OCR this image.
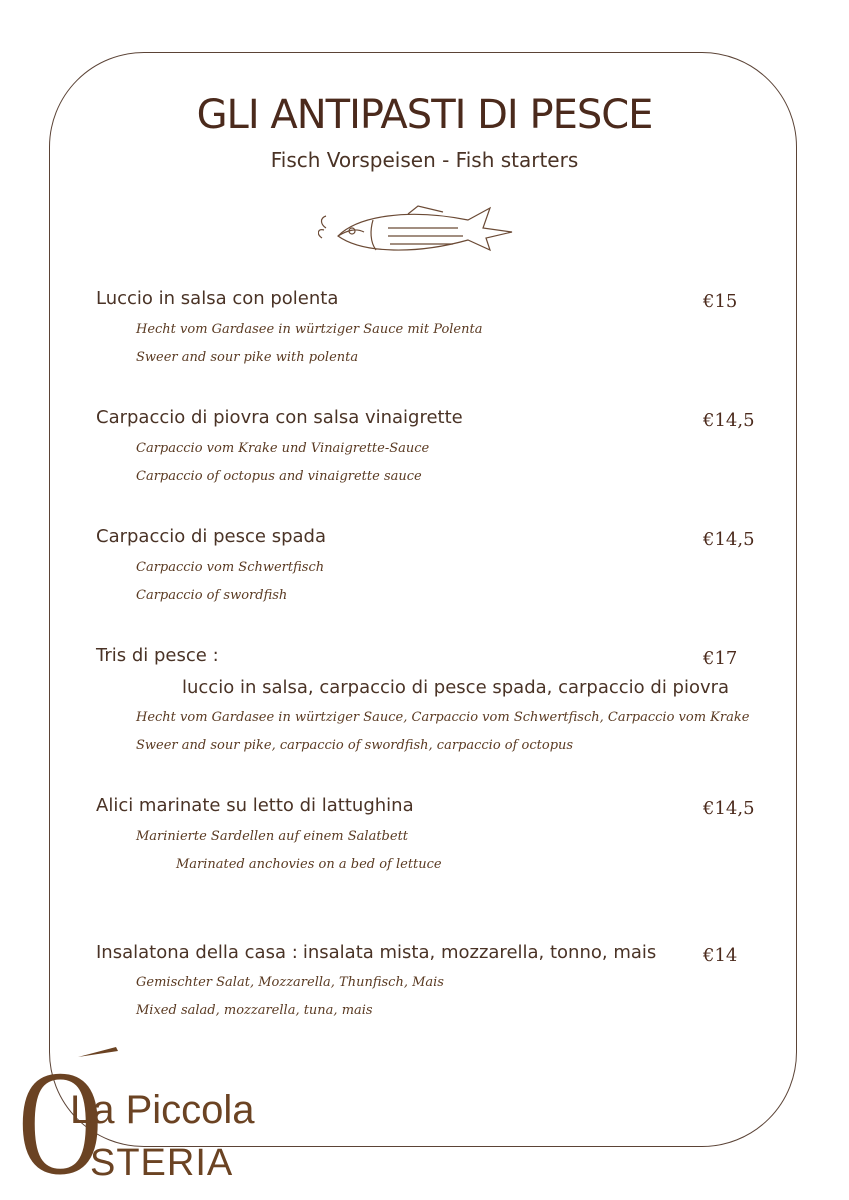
GLI ANTIPASTI DI PESCE
Fisch Vorspeisen - Fish starters
Luccio in salsa con polenta	€15
Hecht vom Gardasee in würtziger Sauce mit Polenta
Sweer and sour pike with polenta
Carpaccio di piovra con salsa vinaigrette	€14,5
Carpaccio vom Krake und Vinaigrette-Sauce
Carpaccio of octopus and vinaigrette sauce
Carpaccio di pesce spada	€14,5
Carpaccio vom Schwertfisch
Carpaccio of swordfish
Tris di pesce :	€17
luccio in salsa, carpaccio di pesce spada, carpaccio di piovra
Hecht vom Gardasee in würtziger Sauce, Carpaccio vom Schwertfisch, Carpaccio vom Krake
Sweer and sour pike, carpaccio of swordfish, carpaccio of octopus
Alici marinate su letto di lattughina	€14,5
Marinierte Sardellen auf einem Salatbett
Marinated anchovies on a bed of lettuce
Insalatona della casa : insalata mista, mozzarella, tonno, mais	€14
Gemischter Salat, Mozzarella, Thunfisch, Mais
Mixed salad, mozzarella, tuna, mais
O
La Piccola
STERIA
